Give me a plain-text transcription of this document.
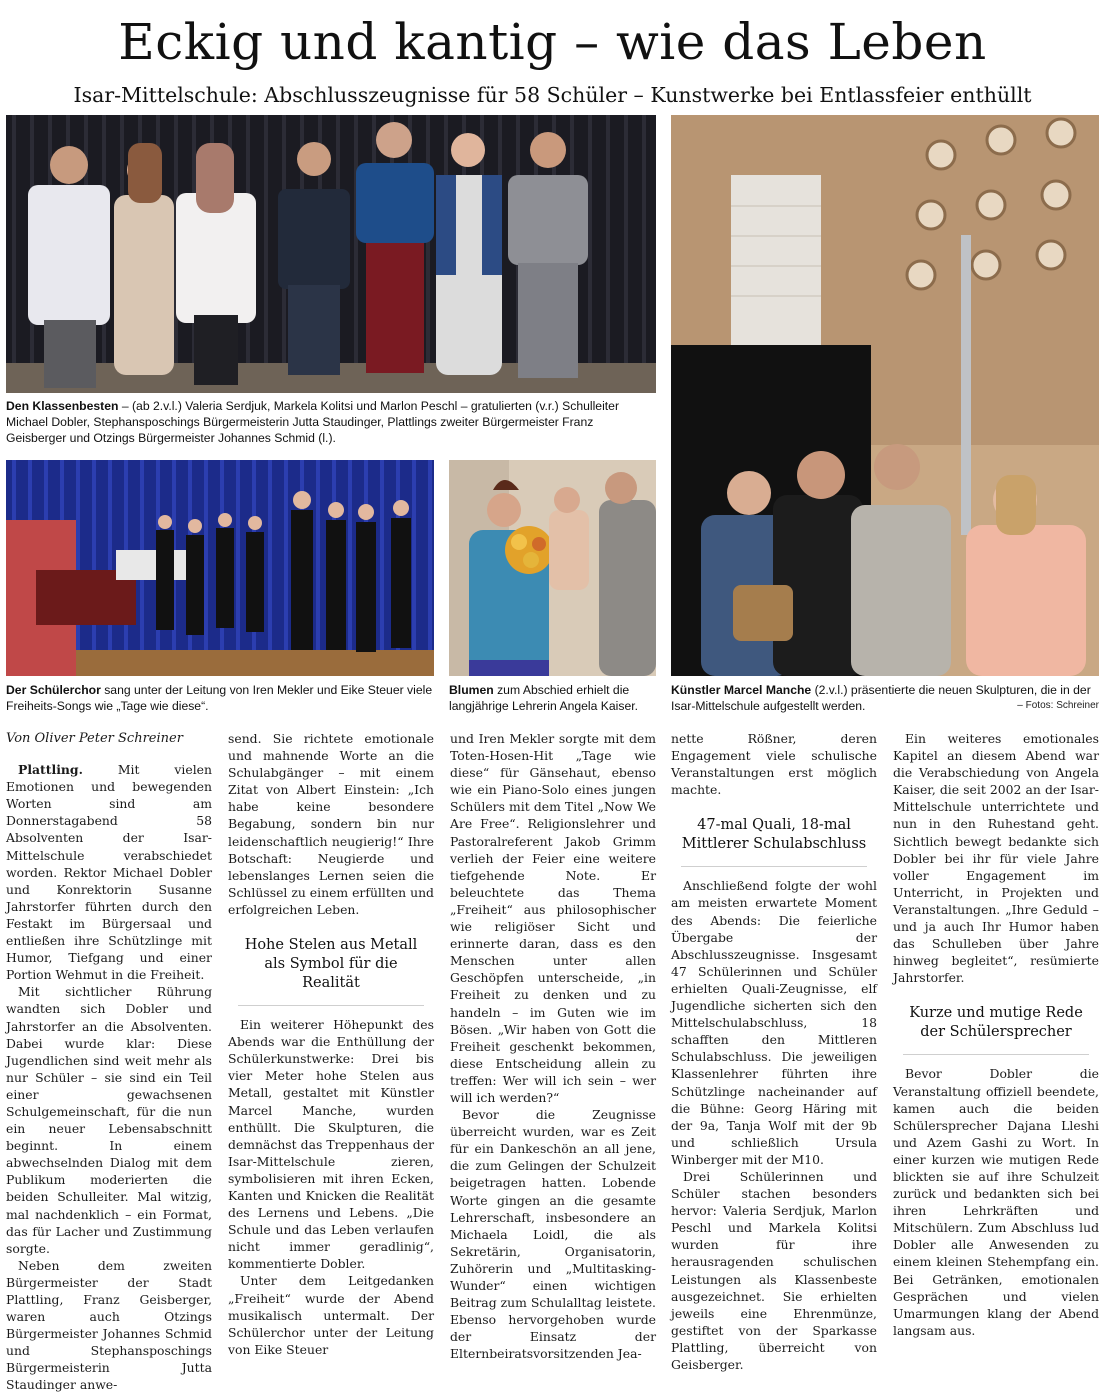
Eckig und kantig – wie das Leben
Isar-Mittelschule: Abschlusszeugnisse für 58 Schüler – Kunstwerke bei Entlassfeier enthüllt
Den Klassenbesten – (ab 2.v.l.) Valeria Serdjuk, Markela Kolitsi und Marlon Peschl – gratulierten (v.r.) Schulleiter Michael Dobler, Stephansposchings Bürgermeisterin Jutta Staudinger, Plattlings zweiter Bürgermeister Franz Geisberger und Otzings Bürgermeister Johannes Schmid (l.).
Der Schülerchor sang unter der Leitung von Iren Mekler und Eike Steuer viele Freiheits-Songs wie „Tage wie diese“.
Blumen zum Abschied erhielt die langjährige Lehrerin Angela Kaiser.
Künstler Marcel Manche (2.v.l.) präsentierte die neuen Skulpturen, die in der Isar-Mittelschule aufgestellt werden.	– Fotos: Schreiner
Von Oliver Peter Schreiner

Plattling. Mit vielen Emotionen und bewegenden Worten sind am Donnerstagabend 58 Absolventen der Isar-Mittelschule verabschiedet worden. Rektor Michael Dobler und Konrektorin Susanne Jahrstorfer führten durch den Festakt im Bürgersaal und entließen ihre Schützlinge mit Humor, Tiefgang und einer Portion Wehmut in die Freiheit.

Mit sichtlicher Rührung wandten sich Dobler und Jahrstorfer an die Absolventen. Dabei wurde klar: Diese Jugendlichen sind weit mehr als nur Schüler – sie sind ein Teil einer gewachsenen Schulgemeinschaft, für die nun ein neuer Lebensabschnitt beginnt. In einem abwechselnden Dialog mit dem Publikum moderierten die beiden Schulleiter. Mal witzig, mal nachdenklich – ein Format, das für Lacher und Zustimmung sorgte.

Neben dem zweiten Bürgermeister der Stadt Plattling, Franz Geisberger, waren auch Otzings Bürgermeister Johannes Schmid und Stephansposchings Bürgermeisterin Jutta Staudinger anwe-

send. Sie richtete emotionale und mahnende Worte an die Schulabgänger – mit einem Zitat von Albert Einstein: „Ich habe keine besondere Begabung, sondern bin nur leidenschaftlich neugierig!“ Ihre Botschaft: Neugierde und lebenslanges Lernen seien die Schlüssel zu einem erfüllten und erfolgreichen Leben.

Hohe Stelen aus Metall als Symbol für die Realität

Ein weiterer Höhepunkt des Abends war die Enthüllung der Schülerkunstwerke: Drei bis vier Meter hohe Stelen aus Metall, gestaltet mit Künstler Marcel Manche, wurden enthüllt. Die Skulpturen, die demnächst das Treppenhaus der Isar-Mittelschule zieren, symbolisieren mit ihren Ecken, Kanten und Knicken die Realität des Lernens und Lebens. „Die Schule und das Leben verlaufen nicht immer geradlinig“, kommentierte Dobler.

Unter dem Leitgedanken „Freiheit“ wurde der Abend musikalisch untermalt. Der Schülerchor unter der Leitung von Eike Steuer

und Iren Mekler sorgte mit dem Toten-Hosen-Hit „Tage wie diese“ für Gänsehaut, ebenso wie ein Piano-Solo eines jungen Schülers mit dem Titel „Now We Are Free“. Religionslehrer und Pastoralreferent Jakob Grimm verlieh der Feier eine weitere tiefgehende Note. Er beleuchtete das Thema „Freiheit“ aus philosophischer wie religiöser Sicht und erinnerte daran, dass es den Menschen unter allen Geschöpfen unterscheide, „in Freiheit zu denken und zu handeln – im Guten wie im Bösen. „Wir haben von Gott die Freiheit geschenkt bekommen, diese Entscheidung allein zu treffen: Wer will ich sein – wer will ich werden?“

Bevor die Zeugnisse überreicht wurden, war es Zeit für ein Dankeschön an all jene, die zum Gelingen der Schulzeit beigetragen hatten. Lobende Worte gingen an die gesamte Lehrerschaft, insbesondere an Michaela Loidl, die als Sekretärin, Organisatorin, Zuhörerin und „Multitasking-Wunder“ einen wichtigen Beitrag zum Schulalltag leistete. Ebenso hervorgehoben wurde der Einsatz der Elternbeiratsvorsitzenden Jea-

nette Rößner, deren Engagement viele schulische Veranstaltungen erst möglich machte.

47-mal Quali, 18-mal Mittlerer Schulabschluss

Anschließend folgte der wohl am meisten erwartete Moment des Abends: Die feierliche Übergabe der Abschlusszeugnisse. Insgesamt 47 Schülerinnen und Schüler erhielten Quali-Zeugnisse, elf Jugendliche sicherten sich den Mittelschulabschluss, 18 schafften den Mittleren Schulabschluss. Die jeweiligen Klassenlehrer führten ihre Schützlinge nacheinander auf die Bühne: Georg Häring mit der 9a, Tanja Wolf mit der 9b und schließlich Ursula Winberger mit der M10.

Drei Schülerinnen und Schüler stachen besonders hervor: Valeria Serdjuk, Marlon Peschl und Markela Kolitsi wurden für ihre herausragenden schulischen Leistungen als Klassenbeste ausgezeichnet. Sie erhielten jeweils eine Ehrenmünze, gestiftet von der Sparkasse Plattling, überreicht von Geisberger.

Ein weiteres emotionales Kapitel an diesem Abend war die Verabschiedung von Angela Kaiser, die seit 2002 an der Isar-Mittelschule unterrichtete und nun in den Ruhestand geht. Sichtlich bewegt bedankte sich Dobler bei ihr für viele Jahre voller Engagement im Unterricht, in Projekten und Veranstaltungen. „Ihre Geduld – und ja auch Ihr Humor haben das Schulleben über Jahre hinweg begleitet“, resümierte Jahrstorfer.

Kurze und mutige Rede der Schülersprecher

Bevor Dobler die Veranstaltung offiziell beendete, kamen auch die beiden Schülersprecher Dajana Lleshi und Azem Gashi zu Wort. In einer kurzen wie mutigen Rede blickten sie auf ihre Schulzeit zurück und bedankten sich bei ihren Lehrkräften und Mitschülern. Zum Abschluss lud Dobler alle Anwesenden zu einem kleinen Stehempfang ein. Bei Getränken, emotionalen Gesprächen und vielen Umarmungen klang der Abend langsam aus.
